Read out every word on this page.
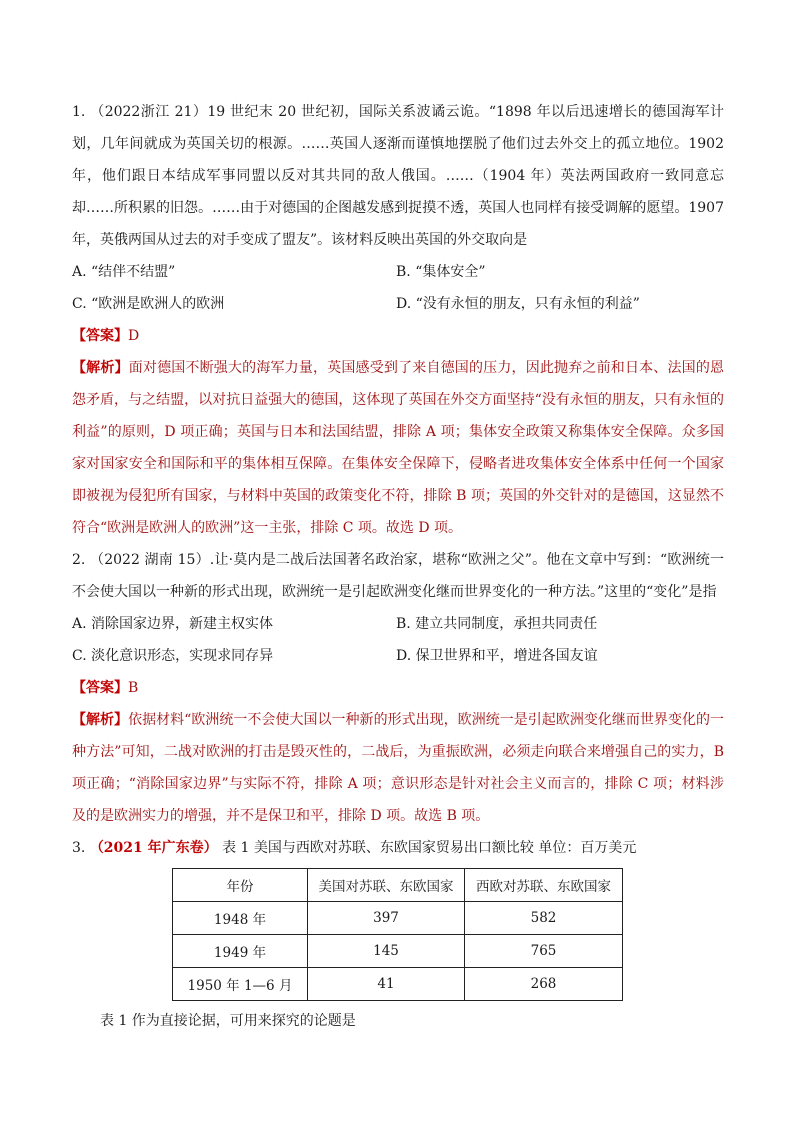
1. （2022浙江 21）19 世纪末 20 世纪初，国际关系波谲云诡。“1898 年以后迅速增长的德国海军计划，几年间就成为英国关切的根源。……英国人逐渐而谨慎地摆脱了他们过去外交上的孤立地位。1902 年，他们跟日本结成军事同盟以反对其共同的敌人俄国。……（1904 年）英法两国政府一致同意忘却……所积累的旧怨。……由于对德国的企图越发感到捉摸不透，英国人也同样有接受调解的愿望。1907 年，英俄两国从过去的对手变成了盟友”。该材料反映出英国的外交取向是

A. “结伴不结盟”	B. “集体安全”
C. “欧洲是欧洲人的欧洲	D. “没有永恒的朋友，只有永恒的利益”

【答案】D

【解析】面对德国不断强大的海军力量，英国感受到了来自德国的压力，因此抛弃之前和日本、法国的恩怨矛盾，与之结盟，以对抗日益强大的德国，这体现了英国在外交方面坚持“没有永恒的朋友，只有永恒的利益”的原则，D 项正确；英国与日本和法国结盟，排除 A 项；集体安全政策又称集体安全保障。众多国家对国家安全和国际和平的集体相互保障。在集体安全保障下，侵略者进攻集体安全体系中任何一个国家即被视为侵犯所有国家，与材料中英国的政策变化不符，排除 B 项；英国的外交针对的是德国，这显然不符合“欧洲是欧洲人的欧洲”这一主张，排除 C 项。故选 D 项。

2. （2022 湖南 15）.让·莫内是二战后法国著名政治家，堪称“欧洲之父”。他在文章中写到：“欧洲统一不会使大国以一种新的形式出现，欧洲统一是引起欧洲变化继而世界变化的一种方法。”这里的“变化”是指

A. 消除国家边界，新建主权实体	B. 建立共同制度，承担共同责任
C. 淡化意识形态，实现求同存异	D. 保卫世界和平，增进各国友谊

【答案】B

【解析】依据材料“欧洲统一不会使大国以一种新的形式出现，欧洲统一是引起欧洲变化继而世界变化的一种方法”可知，二战对欧洲的打击是毁灭性的，二战后，为重振欧洲，必须走向联合来增强自己的实力，B 项正确；“消除国家边界”与实际不符，排除 A 项；意识形态是针对社会主义而言的，排除 C 项；材料涉及的是欧洲实力的增强，并不是保卫和平，排除 D 项。故选 B 项。

3. （2021 年广东卷） 表 1 美国与西欧对苏联、东欧国家贸易出口额比较 单位：百万美元

年份	美国对苏联、东欧国家	西欧对苏联、东欧国家
1948 年	397	582
1949 年	145	765
1950 年 1—6 月	41	268

表 1 作为直接论据，可用来探究的论题是
